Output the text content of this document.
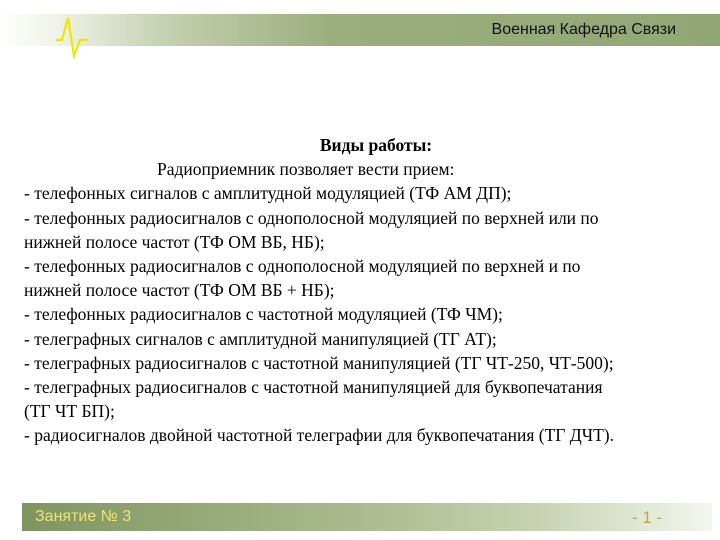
Военная Кафедра Связи
Виды работы:
Радиоприемник позволяет вести прием:
- телефонных сигналов с амплитудной модуляцией (ТФ АМ ДП);
- телефонных радиосигналов с однополосной модуляцией по верхней или по
нижней полосе частот (ТФ ОМ ВБ, НБ);
- телефонных радиосигналов с однополосной модуляцией по верхней и по
нижней полосе частот (ТФ ОМ ВБ + НБ);
- телефонных радиосигналов с частотной модуляцией (ТФ ЧМ);
- телеграфных сигналов с амплитудной манипуляцией (ТГ АТ);
- телеграфных радиосигналов с частотной манипуляцией (ТГ ЧТ-250, ЧТ-500);
- телеграфных радиосигналов с частотной манипуляцией для буквопечатания
(ТГ ЧТ БП);
- радиосигналов двойной частотной телеграфии для буквопечатания (ТГ ДЧТ).
Занятие № 3	- 1 -
